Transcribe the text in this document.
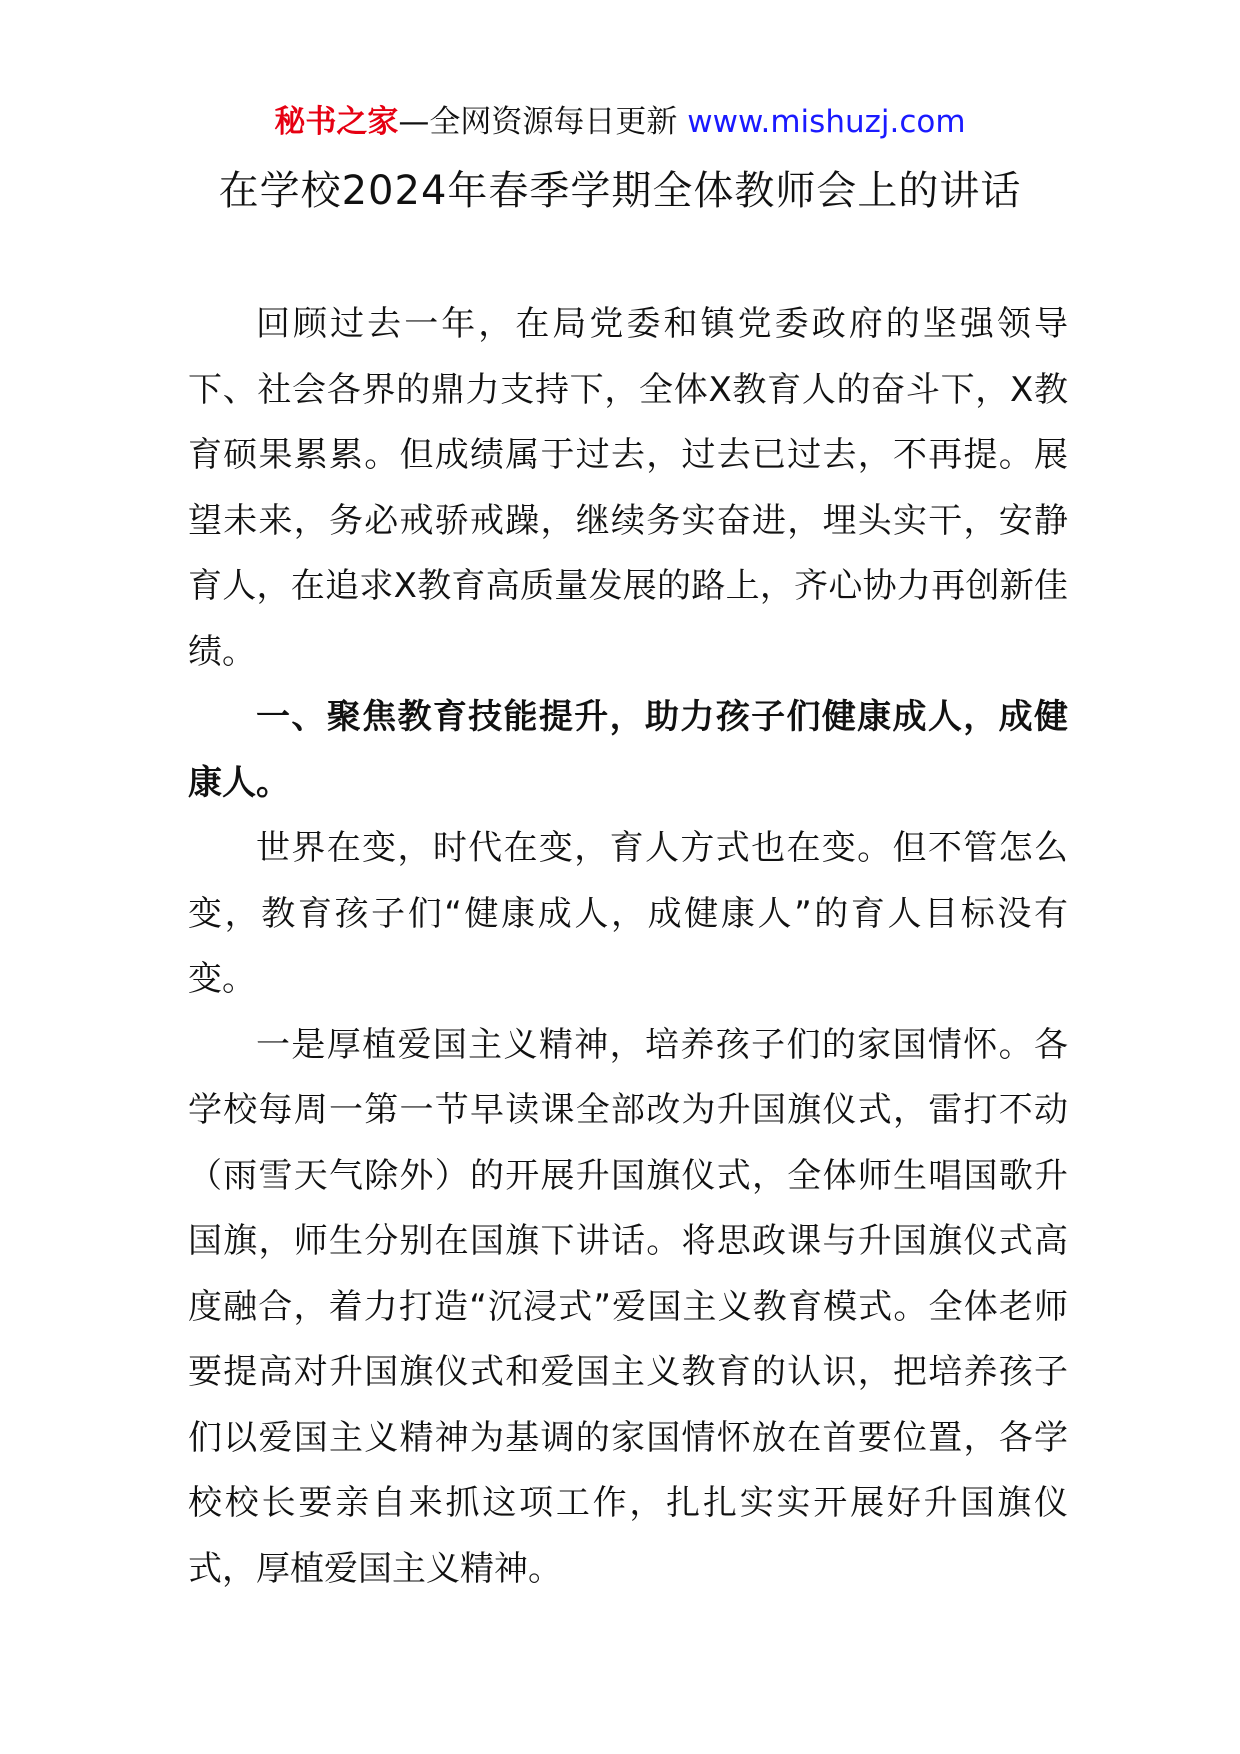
秘书之家—全网资源每日更新 www.mishuzj.com
在学校2024年春季学期全体教师会上的讲话

回顾过去一年，在局党委和镇党委政府的坚强领导下、社会各界的鼎力支持下，全体X教育人的奋斗下，X教育硕果累累。但成绩属于过去，过去已过去，不再提。展望未来，务必戒骄戒躁，继续务实奋进，埋头实干，安静育人，在追求X教育高质量发展的路上，齐心协力再创新佳绩。

一、聚焦教育技能提升，助力孩子们健康成人，成健康人。

世界在变，时代在变，育人方式也在变。但不管怎么变，教育孩子们“健康成人，成健康人”的育人目标没有变。

一是厚植爱国主义精神，培养孩子们的家国情怀。各学校每周一第一节早读课全部改为升国旗仪式，雷打不动（雨雪天气除外）的开展升国旗仪式，全体师生唱国歌升国旗，师生分别在国旗下讲话。将思政课与升国旗仪式高度融合，着力打造“沉浸式”爱国主义教育模式。全体老师要提高对升国旗仪式和爱国主义教育的认识，把培养孩子们以爱国主义精神为基调的家国情怀放在首要位置，各学校校长要亲自来抓这项工作，扎扎实实开展好升国旗仪式，厚植爱国主义精神。
